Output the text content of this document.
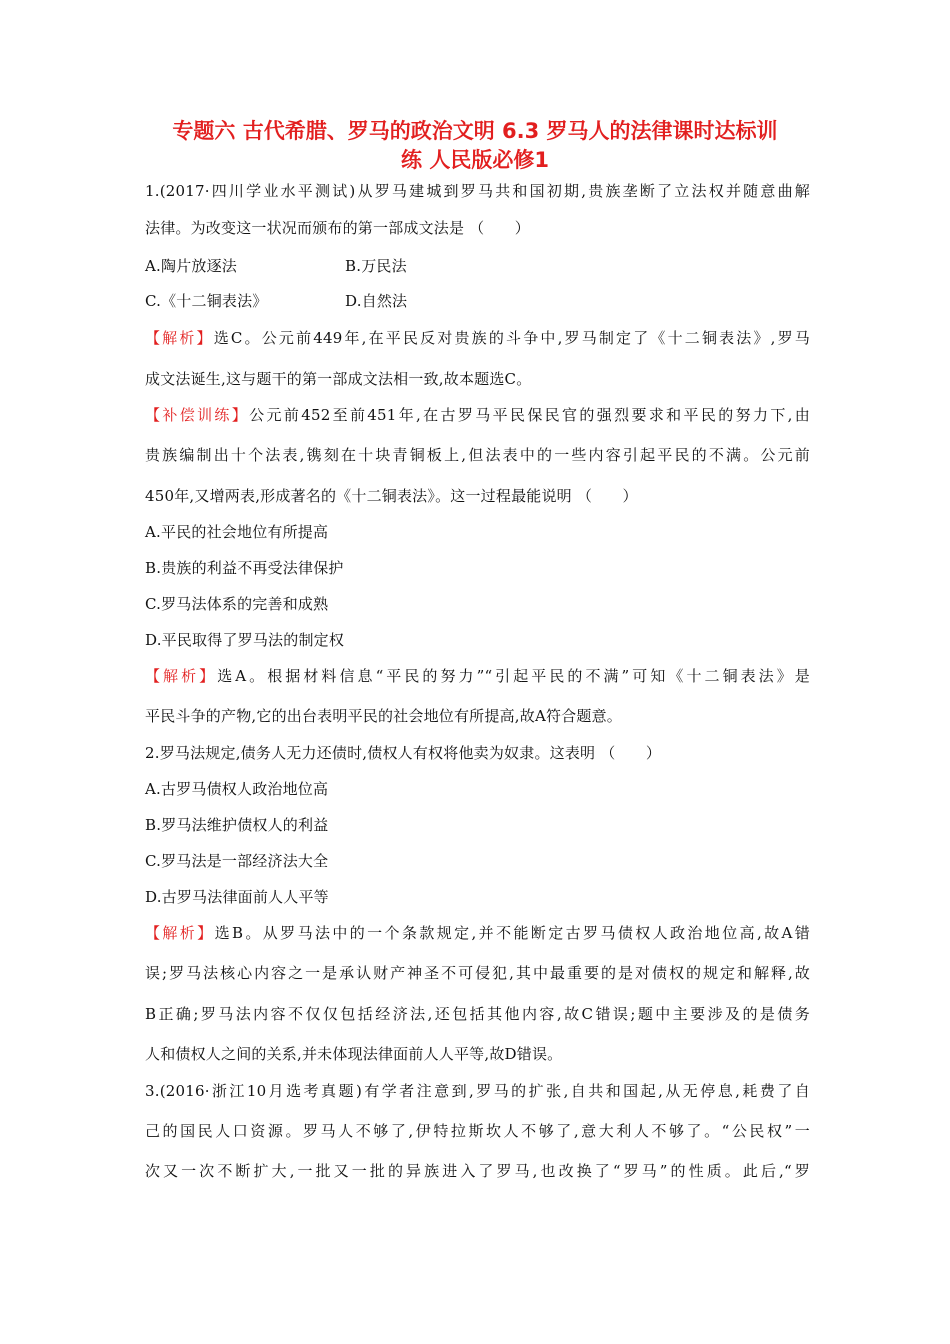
专题六 古代希腊、罗马的政治文明 6.3 罗马人的法律课时达标训
练 人民版必修1
1.(2017·四川学业水平测试)从罗马建城到罗马共和国初期,贵族垄断了立法权并随意曲解
法律。为改变这一状况而颁布的第一部成文法是 （　　）
A.陶片放逐法	B.万民法
C.《十二铜表法》	D.自然法
【解析】选C。公元前449年,在平民反对贵族的斗争中,罗马制定了《十二铜表法》,罗马
成文法诞生,这与题干的第一部成文法相一致,故本题选C。
【补偿训练】公元前452至前451年,在古罗马平民保民官的强烈要求和平民的努力下,由
贵族编制出十个法表,镌刻在十块青铜板上,但法表中的一些内容引起平民的不满。公元前
450年,又增两表,形成著名的《十二铜表法》。这一过程最能说明 （　　）
A.平民的社会地位有所提高
B.贵族的利益不再受法律保护
C.罗马法体系的完善和成熟
D.平民取得了罗马法的制定权
【解析】选A。根据材料信息“平民的努力”“引起平民的不满”可知《十二铜表法》是
平民斗争的产物,它的出台表明平民的社会地位有所提高,故A符合题意。
2.罗马法规定,债务人无力还债时,债权人有权将他卖为奴隶。这表明 （　　）
A.古罗马债权人政治地位高
B.罗马法维护债权人的利益
C.罗马法是一部经济法大全
D.古罗马法律面前人人平等
【解析】选B。从罗马法中的一个条款规定,并不能断定古罗马债权人政治地位高,故A错
误;罗马法核心内容之一是承认财产神圣不可侵犯,其中最重要的是对债权的规定和解释,故
B正确;罗马法内容不仅仅包括经济法,还包括其他内容,故C错误;题中主要涉及的是债务
人和债权人之间的关系,并未体现法律面前人人平等,故D错误。
3.(2016·浙江10月选考真题)有学者注意到,罗马的扩张,自共和国起,从无停息,耗费了自
己的国民人口资源。罗马人不够了,伊特拉斯坎人不够了,意大利人不够了。“公民权”一
次又一次不断扩大,一批又一批的异族进入了罗马,也改换了“罗马”的性质。此后,“罗
